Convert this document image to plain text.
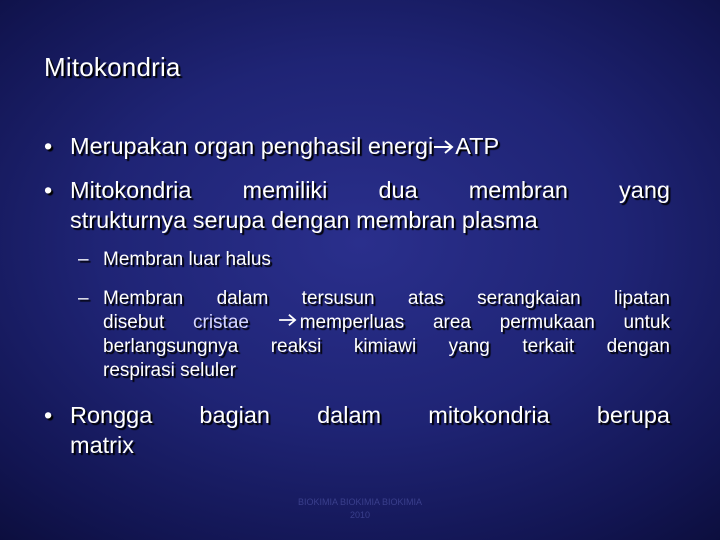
Mitokondria
• Merupakan organ penghasil energi ATP
• Mitokondria memiliki dua membran yang
strukturnya serupa dengan membran plasma
– Membran luar halus
– Membran dalam tersusun atas serangkaian lipatan
disebut cristae
memperluas area permukaan untuk
berlangsungnya reaksi kimiawi yang terkait dengan
respirasi seluler
• Rongga bagian dalam mitokondria berupa
matrix
BIOKIMIA BIOKIMIA BIOKIMIA
2010
